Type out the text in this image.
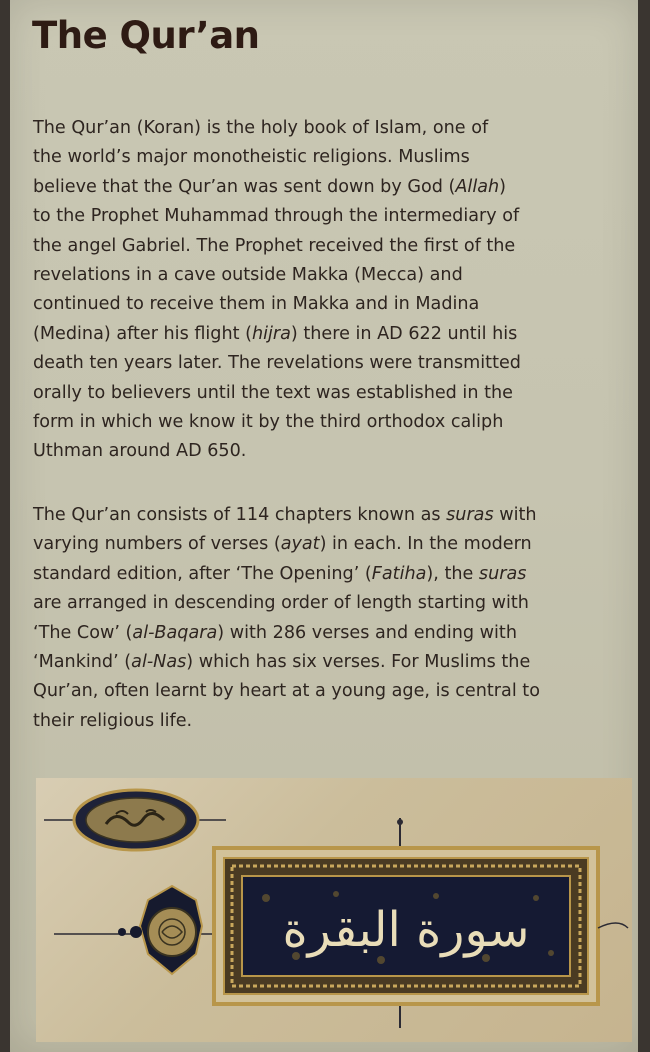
The Qur’an

The Qur’an (Koran) is the holy book of Islam, one of
the world’s major monotheistic religions. Muslims
believe that the Qur’an was sent down by God (Allah)
to the Prophet Muhammad through the intermediary of
the angel Gabriel. The Prophet received the first of the
revelations in a cave outside Makka (Mecca) and
continued to receive them in Makka and in Madina
(Medina) after his flight (hijra) there in AD 622 until his
death ten years later. The revelations were transmitted
orally to believers until the text was established in the
form in which we know it by the third orthodox caliph
Uthman around AD 650.

The Qur’an consists of 114 chapters known as suras with
varying numbers of verses (ayat) in each. In the modern
standard edition, after ‘The Opening’ (Fatiha), the suras
are arranged in descending order of length starting with
‘The Cow’ (al-Baqara) with 286 verses and ending with
‘Mankind’ (al-Nas) which has six verses. For Muslims the
Qur’an, often learnt by heart at a young age, is central to
their religious life.

سورة البقرة
